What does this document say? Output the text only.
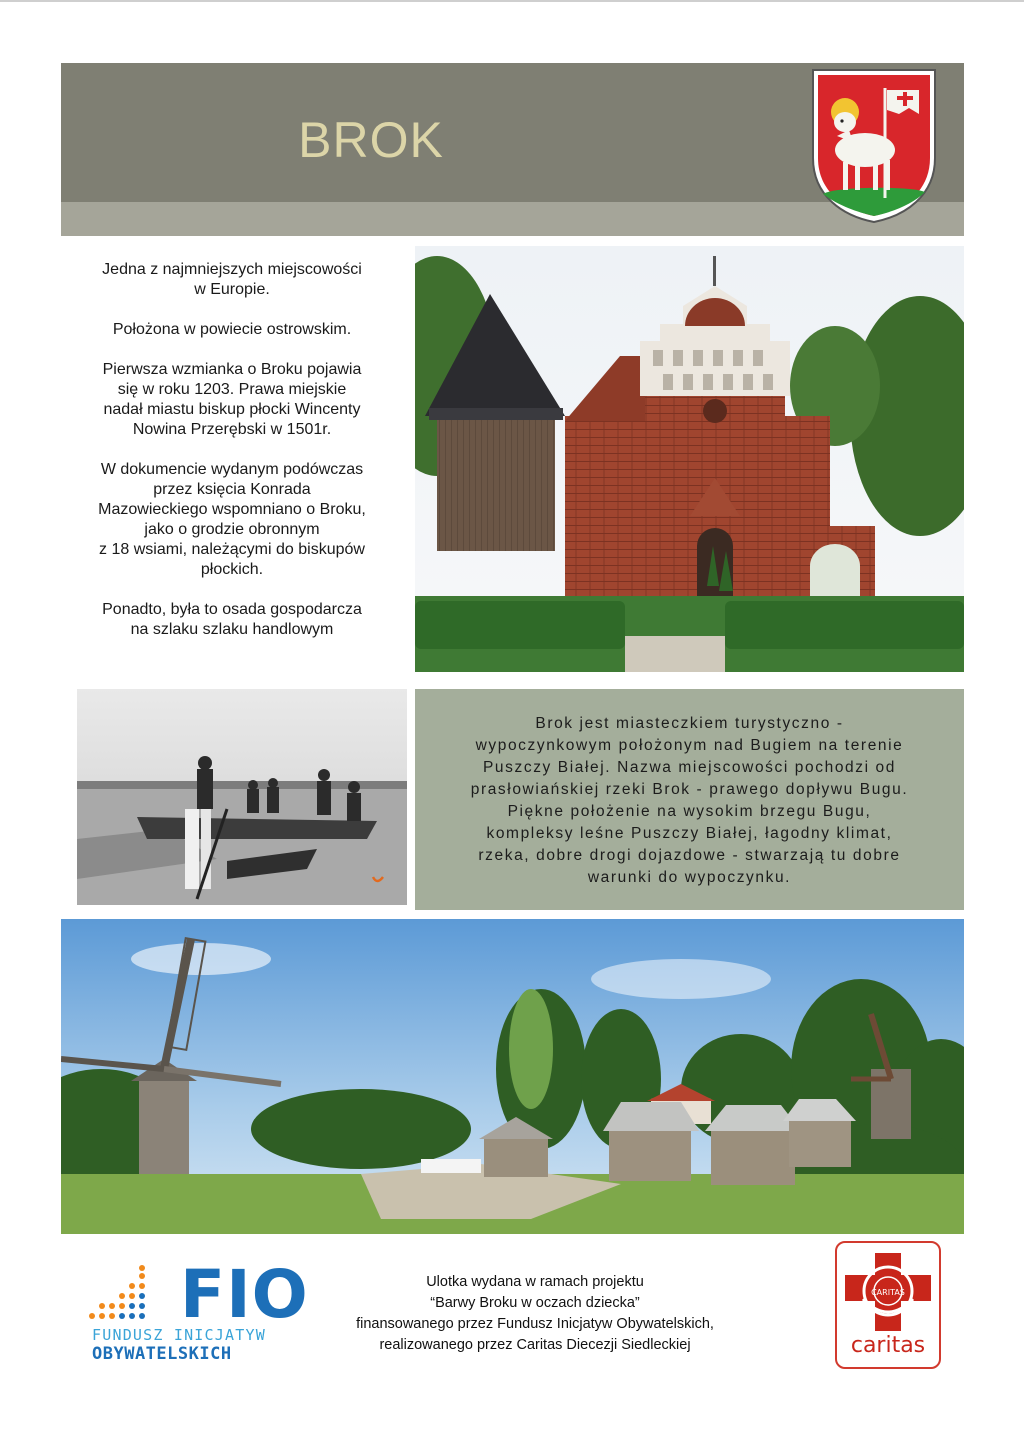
BROK

Jedna z najmniejszych miejscowości
w Europie.

Położona w powiecie ostrowskim.

Pierwsza wzmianka o Broku pojawia
się w roku 1203. Prawa miejskie
nadał miastu biskup płocki Wincenty
Nowina Przerębski w 1501r.

W dokumencie wydanym podówczas
przez księcia Konrada
Mazowieckiego wspomniano o Broku,
jako o grodzie obronnym
z 18 wsiami, należącymi do biskupów
płockich.

Ponadto, była to osada gospodarcza
na szlaku szlaku handlowym

Brok jest miasteczkiem turystyczno -
wypoczynkowym położonym nad Bugiem na terenie
Puszczy Białej. Nazwa miejscowości pochodzi od
prasłowiańskiej rzeki Brok - prawego dopływu Bugu.
Piękne położenie na wysokim brzegu Bugu,
kompleksy leśne Puszczy Białej, łagodny klimat,
rzeka, dobre drogi dojazdowe - stwarzają tu dobre
warunki do wypoczynku.

FIO
FUNDUSZ INICJATYW
OBYWATELSKICH
Ulotka wydana w ramach projektu
“Barwy Broku w oczach dziecka”
finansowanego przez Fundusz Inicjatyw Obywatelskich,
realizowanego przez Caritas Diecezji Siedleckiej
CARITAS
caritas
